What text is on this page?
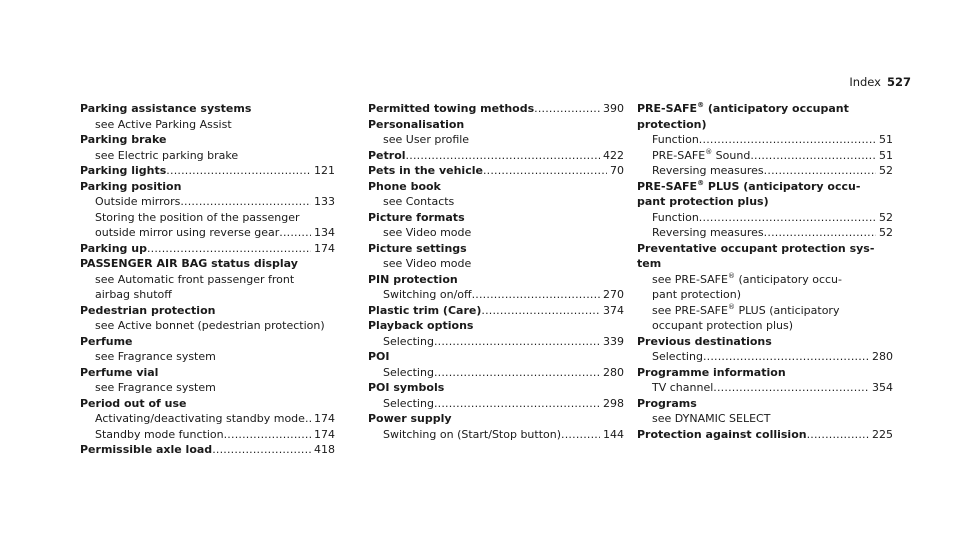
Index 527
Parking assistance systems
see Active Parking Assist
Parking brake
see Electric parking brake
Parking lights .....	121
Parking position
Outside mirrors .....	133
Storing the position of the passenger
outside mirror using reverse gear .....	134
Parking up .....	174
PASSENGER AIR BAG status display
see Automatic front passenger front
airbag shutoff
Pedestrian protection
see Active bonnet (pedestrian protection)
Perfume
see Fragrance system
Perfume vial
see Fragrance system
Period out of use
Activating/deactivating standby mode ..... 174
Standby mode function .....	174
Permissible axle load .....	418
Permitted towing methods .....	390
Personalisation
see User profile
Petrol .....	422
Pets in the vehicle .....	70
Phone book
see Contacts
Picture formats
see Video mode
Picture settings
see Video mode
PIN protection
Switching on/off .....	270
Plastic trim (Care) .....	374
Playback options
Selecting .....	339
POI
Selecting .....	280
POI symbols
Selecting .....	298
Power supply
Switching on (Start/Stop button) .....	144
PRE-SAFE® (anticipatory occupant
protection)
Function .....	51
PRE-SAFE® Sound .....	51
Reversing measures .....	52
PRE-SAFE® PLUS (anticipatory occu-
pant protection plus)
Function .....	52
Reversing measures .....	52
Preventative occupant protection sys-
tem
see PRE-SAFE® (anticipatory occu-
pant protection)
see PRE-SAFE® PLUS (anticipatory
occupant protection plus)
Previous destinations
Selecting .....	280
Programme information
TV channel .....	354
Programs
see DYNAMIC SELECT
Protection against collision .....	225
